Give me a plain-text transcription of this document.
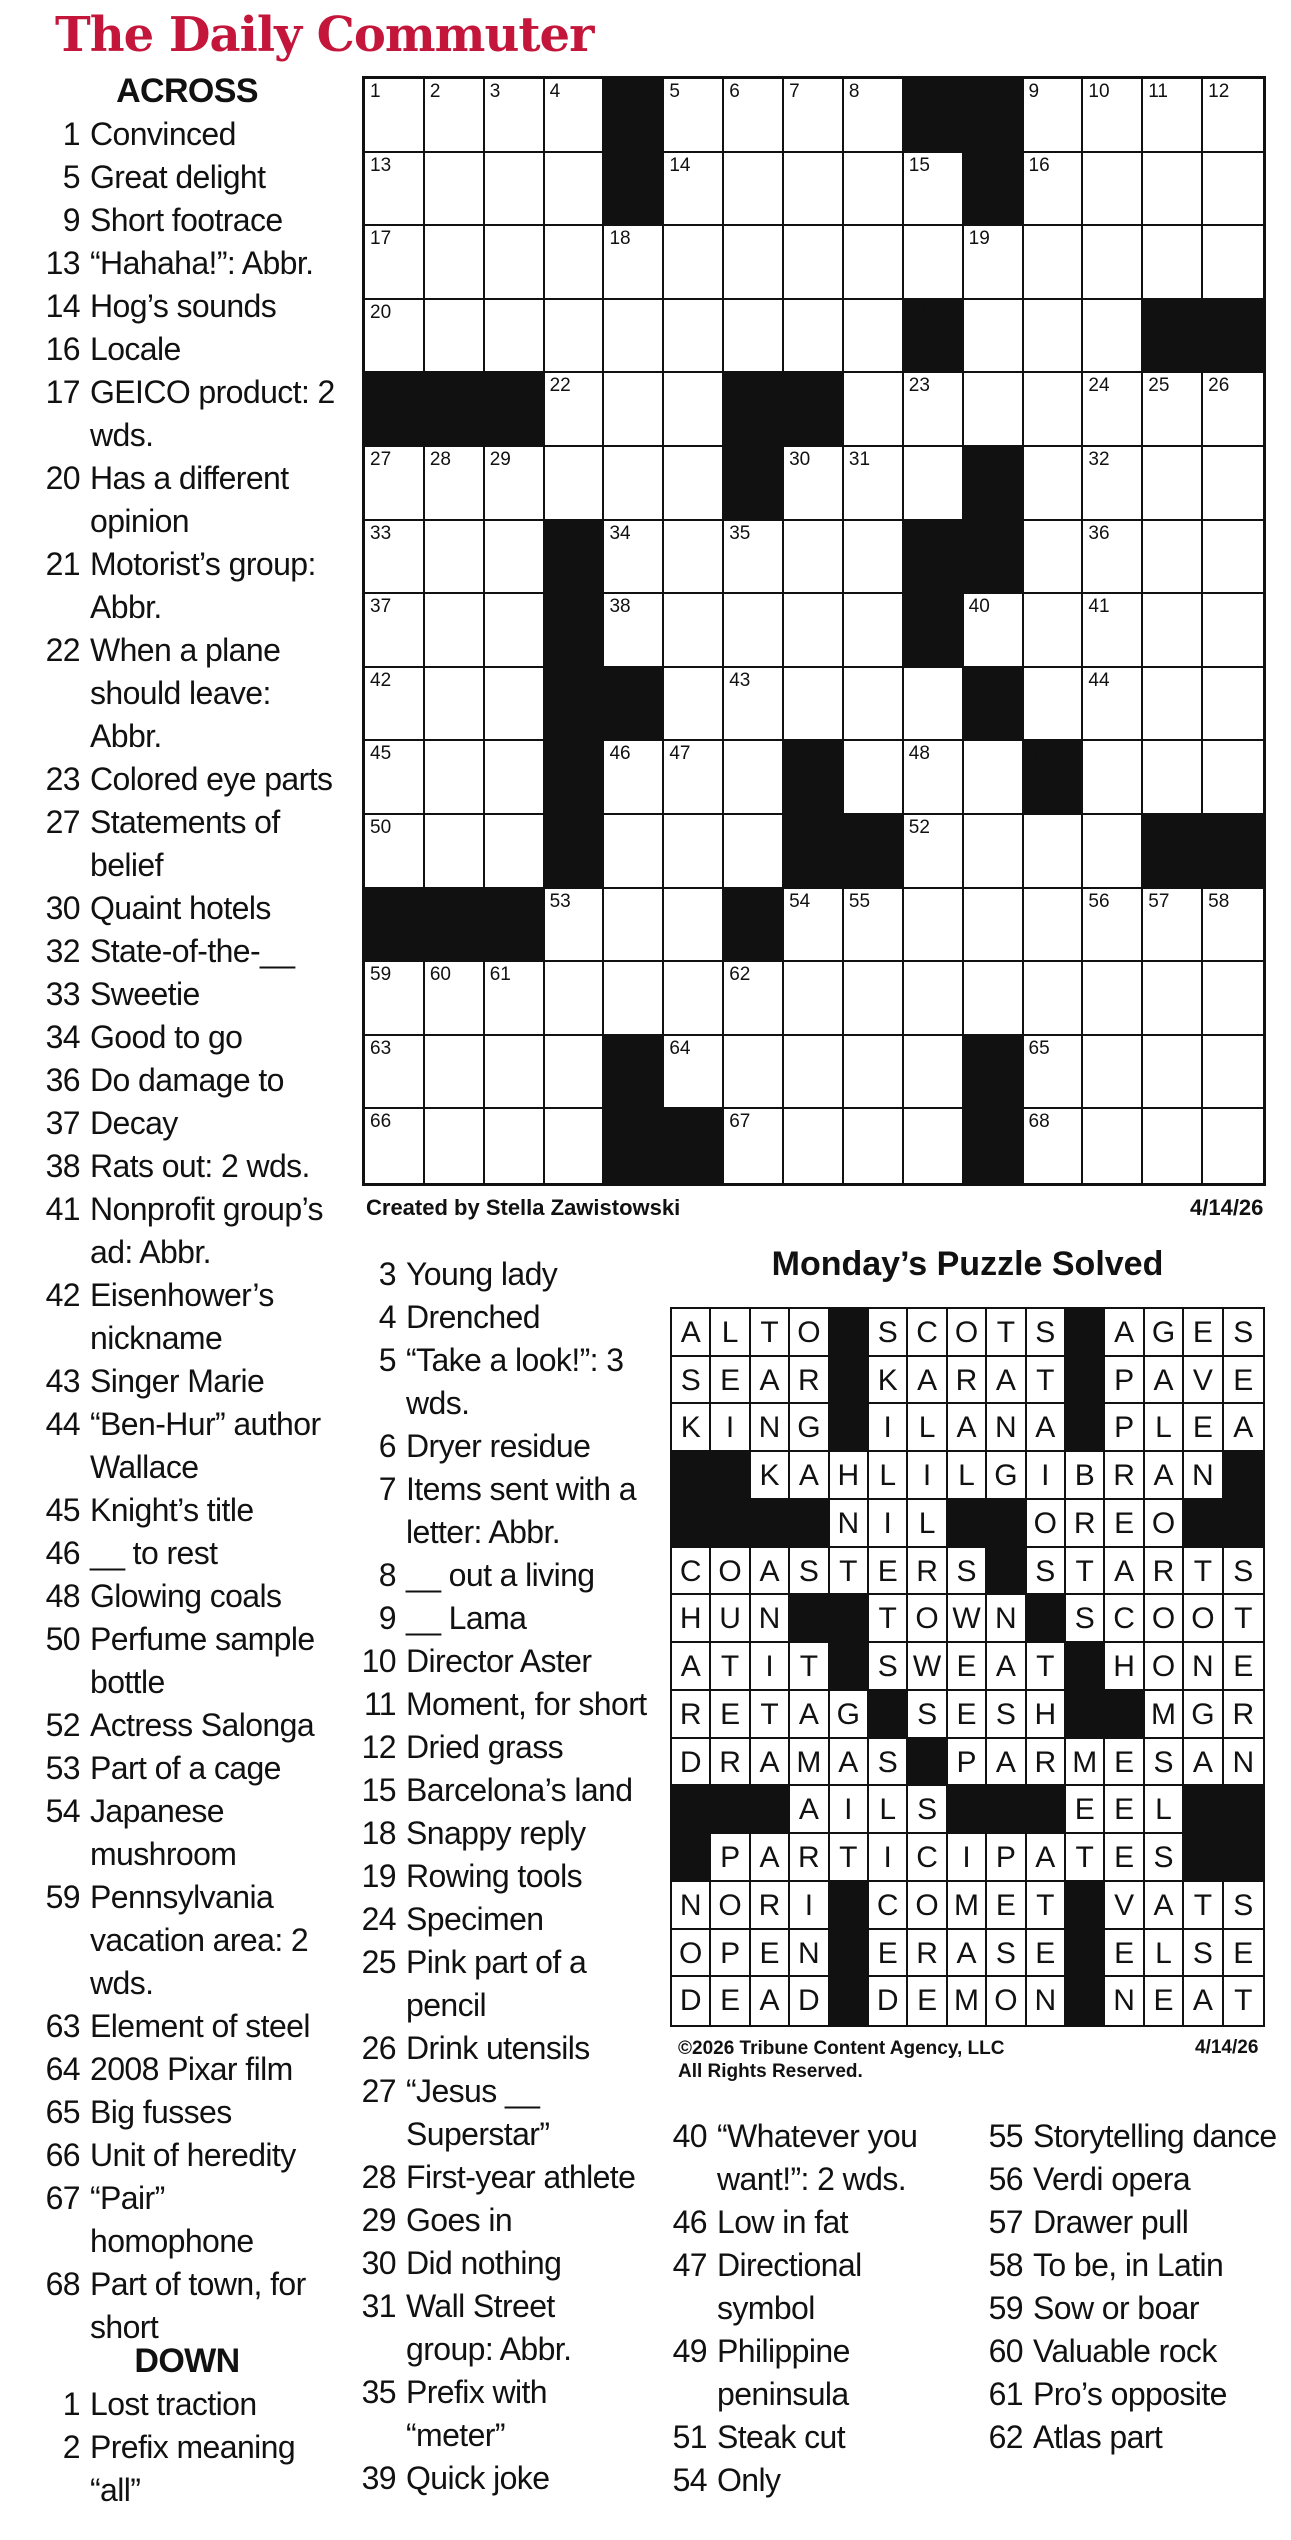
The Daily Commuter
ACROSS
1 Convinced
5 Great delight
9 Short footrace
13 “Hahaha!”: Abbr.
14 Hog’s sounds
16 Locale
17 GEICO product: 2 wds.
20 Has a different opinion
21 Motorist’s group: Abbr.
22 When a plane should leave: Abbr.
23 Colored eye parts
27 Statements of belief
30 Quaint hotels
32 State-of-the-__
33 Sweetie
34 Good to go
36 Do damage to
37 Decay
38 Rats out: 2 wds.
41 Nonprofit group’s ad: Abbr.
42 Eisenhower’s nickname
43 Singer Marie
44 “Ben-Hur” author Wallace
45 Knight’s title
46 __ to rest
48 Glowing coals
50 Perfume sample bottle
52 Actress Salonga
53 Part of a cage
54 Japanese mushroom
59 Pennsylvania vacation area: 2 wds.
63 Element of steel
64 2008 Pixar film
65 Big fusses
66 Unit of heredity
67 “Pair” homophone
68 Part of town, for short
DOWN
1 Lost traction
2 Prefix meaning “all”
3 Young lady
4 Drenched
5 “Take a look!”: 3 wds.
6 Dryer residue
7 Items sent with a letter: Abbr.
8 __ out a living
9 __ Lama
10 Director Aster
11 Moment, for short
12 Dried grass
15 Barcelona’s land
18 Snappy reply
19 Rowing tools
24 Specimen
25 Pink part of a pencil
26 Drink utensils
27 “Jesus __ Superstar”
28 First-year athlete
29 Goes in
30 Did nothing
31 Wall Street group: Abbr.
35 Prefix with “meter”
39 Quick joke
40 “Whatever you want!”: 2 wds.
46 Low in fat
47 Directional symbol
49 Philippine peninsula
51 Steak cut
54 Only
55 Storytelling dance
56 Verdi opera
57 Drawer pull
58 To be, in Latin
59 Sow or boar
60 Valuable rock
61 Pro’s opposite
62 Atlas part
1	2	3	4	5	6	7	8	9	10 11 12
13	14	15	16
17	18	19
20	21
22	23	24 25 26
27 28 29	30 31	32
33	34	35	36
37	38	39 40	41
42	43	44
45	46 47	48	49
50	51	52
53	54 55	56 57 58
59 60 61	62
63	64	65
66	67	68
Created by Stella Zawistowski	4/14/26
Monday’s Puzzle Solved
A L T O	S C O T S	A G E S
S E A R	K A R A T	P A V E
K I N G	I L A N A	P L E A
K A H L I L G I B R A N
N I L	O R E O
C O A S T E R S	S T A R T S
H U N	T O W N	S C O O T
A T I T	S W E A T	H O N E
R E T A G	S E S H	M G R
D R A M A S	P A R M E S A N
A I L S	E E L
P A R T I C I P A T E S
N O R I	C O M E T	V A T S
O P E N	E R A S E	E L S E
D E A D	D E M O N	N E A T
©2026 Tribune Content Agency, LLC
All Rights Reserved.
4/14/26
